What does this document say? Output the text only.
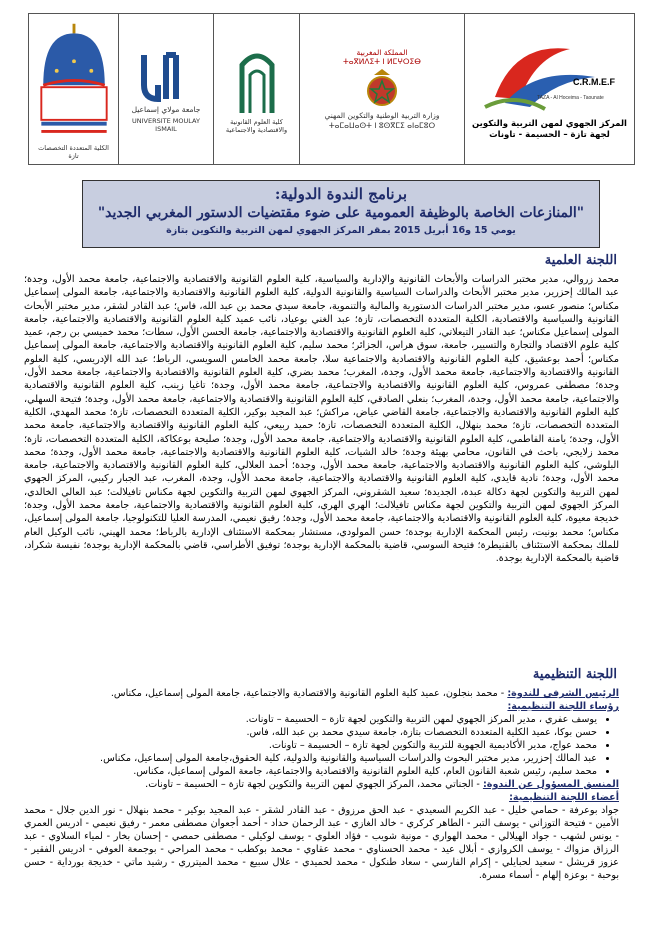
C.R.M.E.F
TAZA - Al Hoceima - Taounate
المركز الجهوي لمهن التربية والتكوين لجهة تازة – الحسيمة - تاونات
المملكة المغربية
ⵜⴰⴳⵍⴷⵉⵜ ⵏ ⵍⵎⵖⵔⵉⴱ
وزارة التربية الوطنية والتكوين المهني
ⵜⴰⵎⴰⵡⴰⵙⵜ ⵏ ⵓⵙⴳⵎⵉ ⴰⵏⴰⵎⵓⵔ
كلية العلوم القانونية والاقتصادية والاجتماعية
جامعة مولاي إسماعيل
UNIVERSITE MOULAY ISMAIL
الكلية المتعددة التخصصات تازة
برنامج الندوة الدولية:
"المنازعات الخاصة بالوظيفة العمومية على ضوء مقتضيات الدستور المغربي الجديد"
يومي 15 و16 أبريل 2015 بمقر المركز الجهوي لمهن التربية والتكوين بتازة
اللجنة العلمية
محمد زروالي، مدير مختبر الدراسات والأبحاث القانونية والإدارية والسياسية، كلية العلوم القانونية والاقتصادية والاجتماعية، جامعة محمد الأول، وجدة؛ عبد المالك إحزرير، مدير مختبر الأبحاث والدراسات السياسية والقانونية الدولية، كلية العلوم القانونية والاقتصادية والاجتماعية، جامعة المولى إسماعيل مكناس؛ منصور عسو، مدير مختبر الدراسات الدستورية والمالية والتنموية، جامعة سيدي محمد بن عبد الله، فاس؛ عبد القادر لشقر، مدير مختبر الأبحاث القانونية والسياسية والاقتصادية، الكلية المتعددة التخصصات، تازة؛ عبد الغني بوعياد، نائب عميد كلية العلوم القانونية والاقتصادية والاجتماعية، جامعة المولى إسماعيل مكناس؛ عبد القادر التيعلاتي، كلية العلوم القانونية والاقتصادية والاجتماعية، جامعة الحسن الأول، سطات؛ محمد خميسي بن رجم، عميد كلية علوم الاقتصاد والتجارة والتسيير، جامعة، سوق هراس، الجزائر؛ محمد سليم، كلية العلوم القانونية والاقتصادية والاجتماعية، جامعة المولى إسماعيل مكناس؛ أحمد بوعشيق، كلية العلوم القانونية والاقتصادية والاجتماعية سلا، جامعة محمد الخامس السويسي، الرباط؛ عبد الله الإدريسي، كلية العلوم القانونية والاقتصادية والاجتماعية، جامعة محمد الأول، وجدة، المغرب؛ محمد بضري، كلية العلوم القانونية والاقتصادية والاجتماعية، جامعة محمد الأول، وجدة؛ مصطفى عمروس، كلية العلوم القانونية والاقتصادية والاجتماعية، جامعة محمد الأول، وجدة؛ تاغيا زينب، كلية العلوم القانونية والاقتصادية والاجتماعية، جامعة محمد الأول، وجدة، المغرب؛ بنعلي الصادقي، كلية العلوم القانونية والاقتصادية والاجتماعية، جامعة محمد الأول، وجدة؛ فتيحة السهلي، كلية العلوم القانونية والاقتصادية والاجتماعية، جامعة القاضي عياض، مراكش؛ عبد المجيد بوكير، الكلية المتعددة التخصصات، تازة؛ محمد المهدي، الكلية المتعددة التخصصات، تازة؛ محمد بنهلال، الكلية المتعددة التخصصات، تازة؛ حميد ربيعي، كلية العلوم القانونية والاقتصادية والاجتماعية، جامعة محمد الأول، وجدة؛ يامنة الفاطمي، كلية العلوم القانونية والاقتصادية والاجتماعية، جامعة محمد الأول، وجدة؛ صليحة بوعكاكة، الكلية المتعددة التخصصات، تازة؛ محمد زلايجي، باحث في القانون، محامي بهيئة وجدة؛ خالد الشيات، كلية العلوم القانونية والاقتصادية والاجتماعية، جامعة محمد الأول، وجدة؛ محمد البلوشي، كلية العلوم القانونية والاقتصادية والاجتماعية، جامعة محمد الأول، وجدة؛ أحمد العلالي، كلية العلوم القانونية والاقتصادية والاجتماعية، جامعة محمد الأول، وجدة؛ نادية قايدي، كلية العلوم القانونية والاقتصادية والاجتماعية، جامعة محمد الأول، وجدة، المغرب، عبد الجبار ركيبي، المركز الجهوي لمهن التربية والتكوين لجهة دكالة عبدة، الجديدة؛ سعيد الشقروني، المركز الجهوي لمهن التربية والتكوين لجهة مكناس تافيلالت؛ عبد العالي الخالدي، المركز الجهوي لمهن التربية والتكوين لجهة مكناس تافيلالت؛ الهري الهري، كلية العلوم القانونية والاقتصادية والاجتماعية، جامعة محمد الأول، وجدة؛ خديجة معيوة، كلية العلوم القانونية والاقتصادية والاجتماعية، جامعة محمد الأول، وجدة؛ رفيق نعيمي، المدرسة العليا للتكنولوجيا، جامعة المولى إسماعيل، مكناس؛ محمد بونيت، رئيس المحكمة الإدارية بوجدة؛ حسن المولودي، مستشار بمحكمة الاستئناف الإدارية بالرباط؛ محمد الهيني، نائب الوكيل العام للملك بمحكمة الاستئناف بالقنيطرة؛ فتيحة السوسي، قاضية بالمحكمة الإدارية بوجدة؛ توفيق الأطراسي، قاضي بالمحكمة الإدارية بوجدة؛ نفيسة شكراد، قاضية بالمحكمة الإدارية بوجدة.
اللجنة التنظيمية

الرئيس الشرفي للندوة: - محمد بنجلون، عميد كلية العلوم القانونية والاقتصادية والاجتماعية، جامعة المولى إسماعيل، مكناس.

رؤساء اللجنة التنظيمية:

• يوسف عفري ، مدير المركز الجهوي لمهن التربية والتكوين لجهة تازة – الحسيمة – تاونات.
• حسن بوكا، عميد الكلية المتعددة التخصصات بتازة، جامعة سيدي محمد بن عبد الله، فاس.
• محمد عواج، مدير الأكاديمية الجهوية للتربية والتكوين لجهة تازة – الحسيمة – تاونات.
• عبد المالك إحزرير، مدير مختبر البحوث والدراسات السياسية والقانونية والدولية، كلية الحقوق،جامعة المولى إسماعيل، مكناس.
• محمد سليم، رئيس شعبة القانون العام، كلية العلوم القانونية والاقتصادية والاجتماعية، جامعة المولى إسماعيل، مكناس.

المنسق المسؤول عن الندوة: - الجناتي محمد، المركز الجهوي لمهن التربية والتكوين لجهة تازة – الحسيمة – تاونات.

أعضاء اللجنة التنظيمية:

جواد بوعرفة - حمامي خليل - عبد الكريم السعيدي - عبد الحق مرزوق - عبد القادر لشقر - عبد المجيد بوكير - محمد بنهلال - نور الدين جلال - محمد الأمين - فتيحة التوزاني - يوسف التبر - الطاهر كركري - خالد الغازي - عبد الرحمان حداد - أحمد أجعوان مصطفى معمر - رفيق نعيمي - ادريس العمري - يونس لشهب - جواد الهيلالي - محمد الهواري - مونية شويب - فؤاد العلوي - يوسف لوكيلي - مصطفى حمصي - إحسان بخار - لمياء السلاوي - عبد الرزاق مزواك - يوسف الكروازي - أبلال عيد - محمد الحسناوي - محمد عقاوي - محمد بوكطب - محمد المراحي - بوجمعة العوفي - ادريس الفقير - عزوز قريشل - سعيد لحبايلي - إكرام الفارسي - سعاد طنكول - محمد لحميدي - علال سبيع - محمد الميترري - رشيد ماتي - خديجة بورداية - حسن بوحبة - بوعزة إلهام - أسماء مسرة.
